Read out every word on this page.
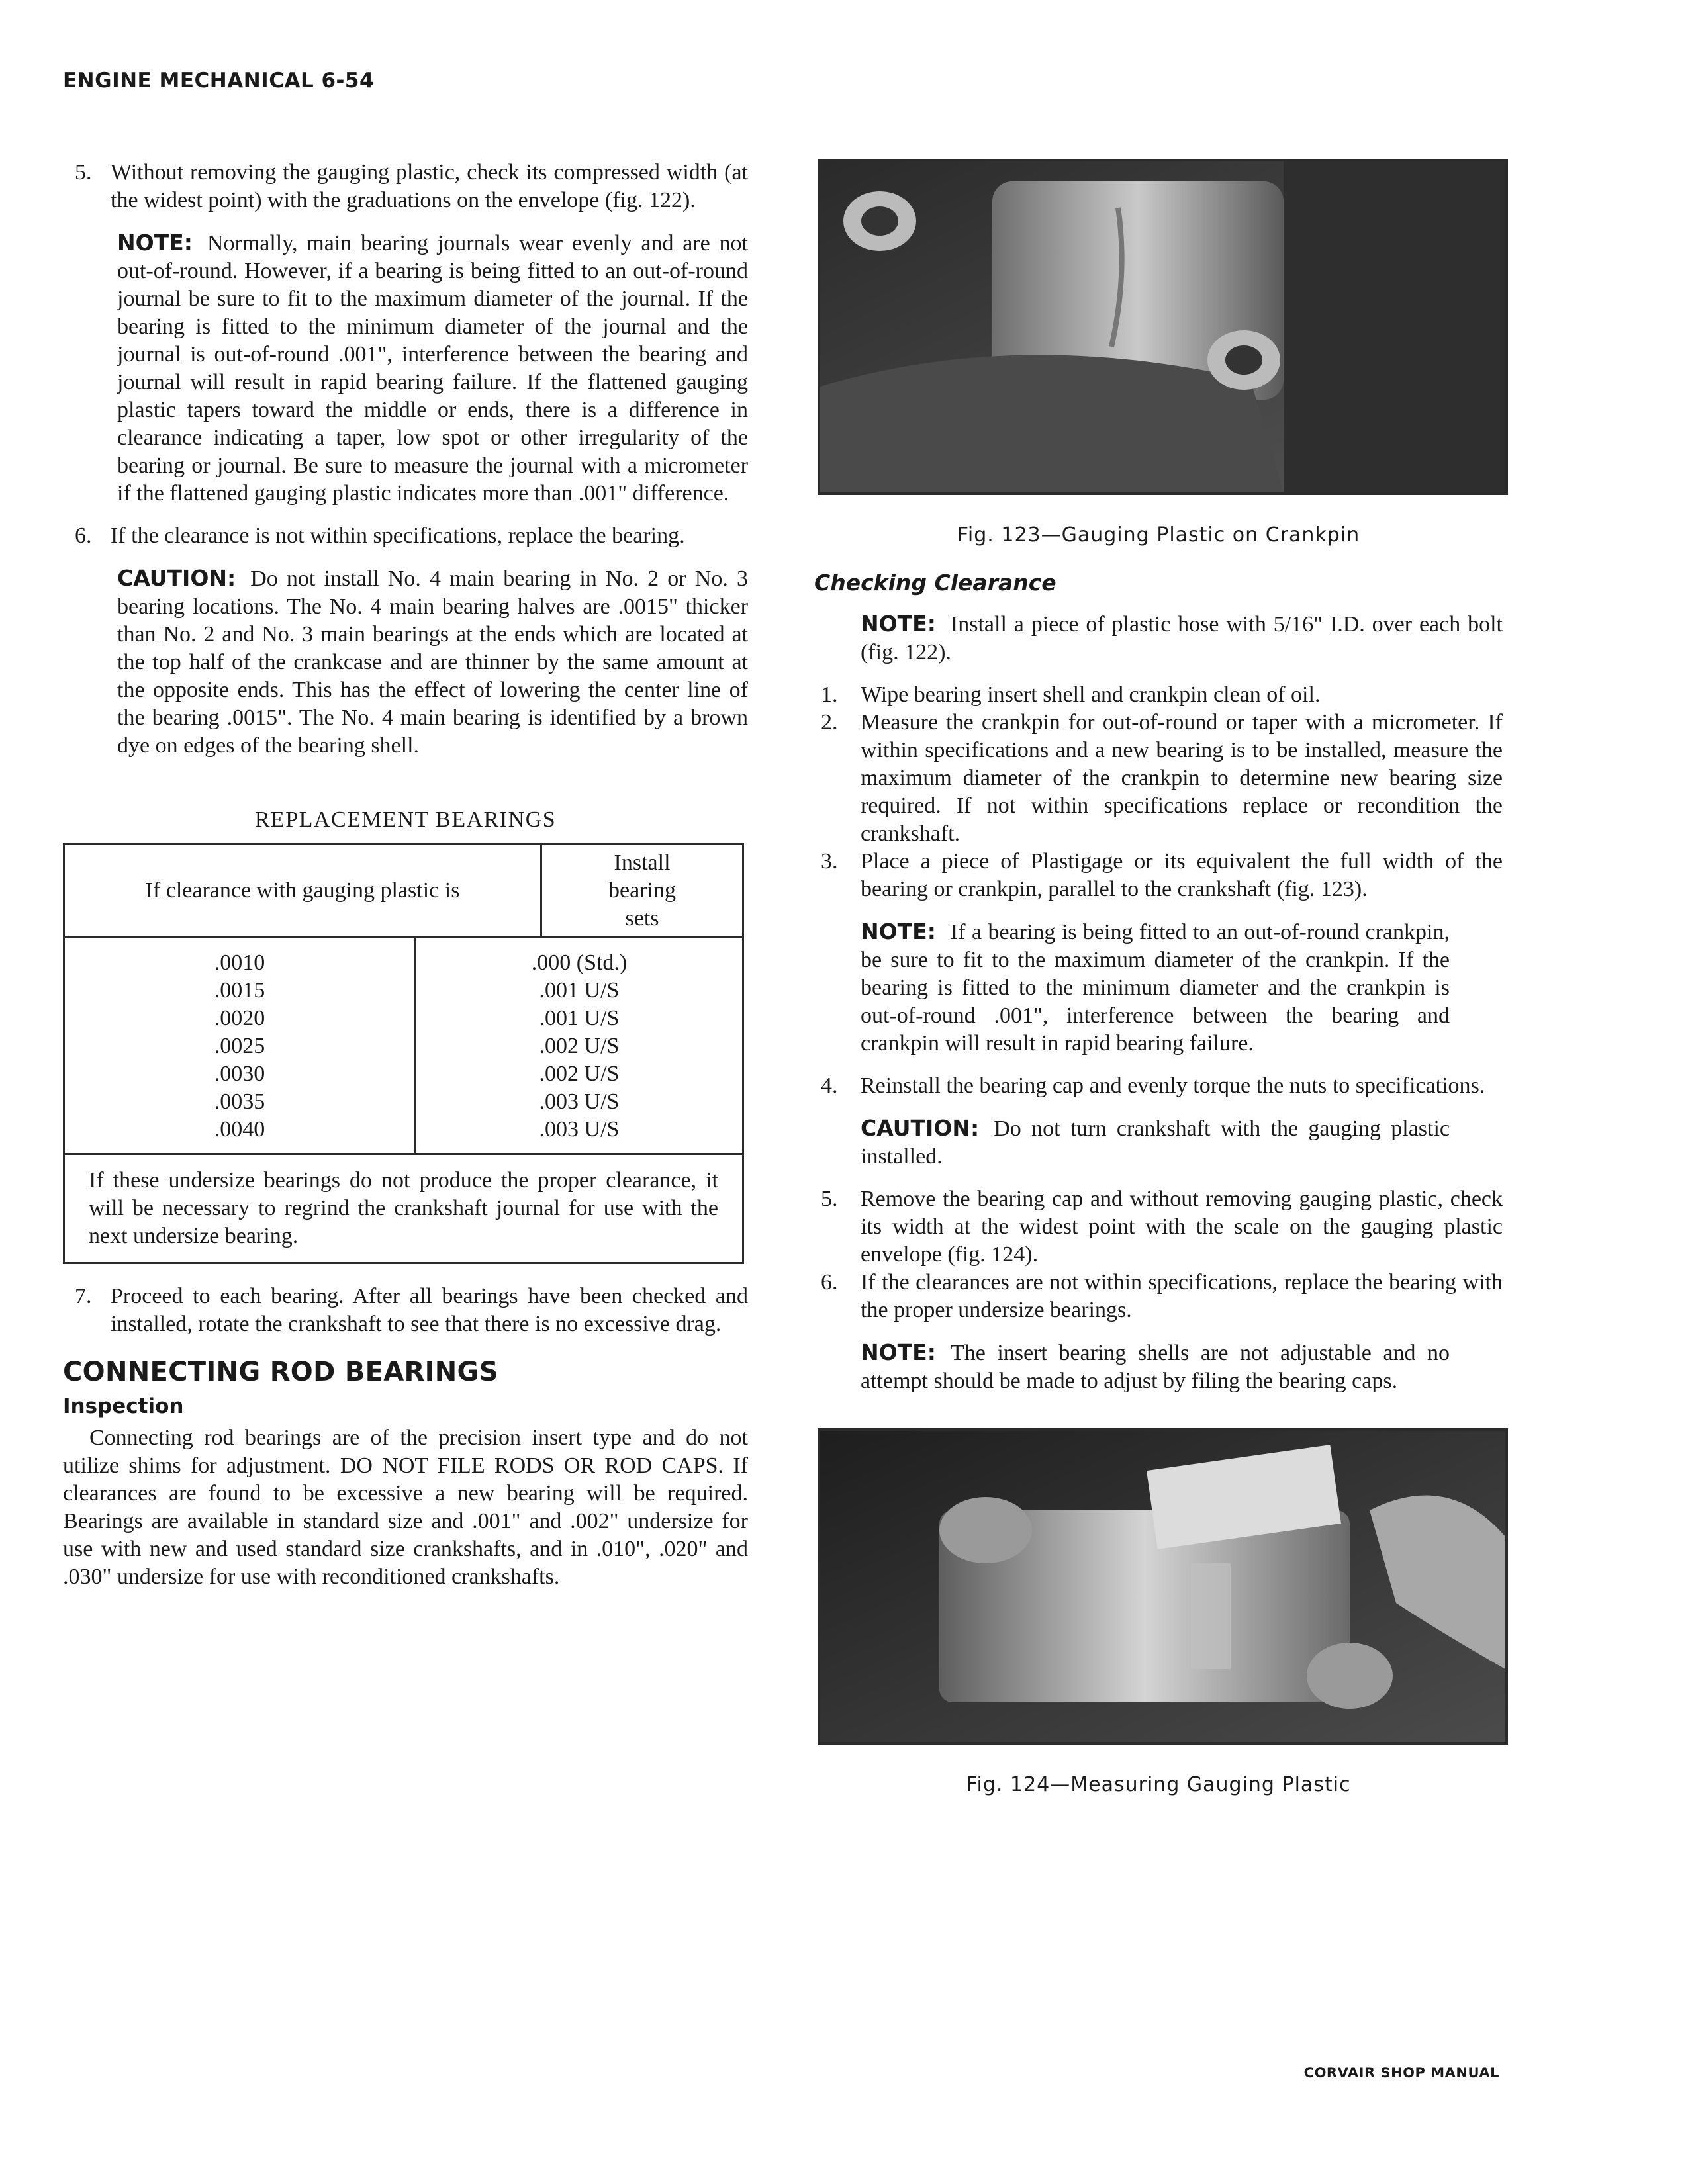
ENGINE MECHANICAL 6-54
5. Without removing the gauging plastic, check its compressed width (at the widest point) with the graduations on the envelope (fig. 122).
NOTE: Normally, main bearing journals wear evenly and are not out-of-round. However, if a bearing is being fitted to an out-of-round journal be sure to fit to the maximum diameter of the journal. If the bearing is fitted to the minimum diameter of the journal and the journal is out-of-round .001", interference between the bearing and journal will result in rapid bearing failure. If the flattened gauging plastic tapers toward the middle or ends, there is a difference in clearance indicating a taper, low spot or other irregularity of the bearing or journal. Be sure to measure the journal with a micrometer if the flattened gauging plastic indicates more than .001" difference.
6. If the clearance is not within specifications, replace the bearing.
CAUTION: Do not install No. 4 main bearing in No. 2 or No. 3 bearing locations. The No. 4 main bearing halves are .0015" thicker than No. 2 and No. 3 main bearings at the ends which are located at the top half of the crankcase and are thinner by the same amount at the opposite ends. This has the effect of lowering the center line of the bearing .0015". The No. 4 main bearing is identified by a brown dye on edges of the bearing shell.
REPLACEMENT BEARINGS
If clearance with gauging plastic is
Install bearing sets
.0010
.0015
.0020
.0025
.0030
.0035
.0040
.000 (Std.)
.001 U/S
.001 U/S
.002 U/S
.002 U/S
.003 U/S
.003 U/S
If these undersize bearings do not produce the proper clearance, it will be necessary to regrind the crankshaft journal for use with the next undersize bearing.
7. Proceed to each bearing. After all bearings have been checked and installed, rotate the crankshaft to see that there is no excessive drag.
CONNECTING ROD BEARINGS
Inspection

Connecting rod bearings are of the precision insert type and do not utilize shims for adjustment. DO NOT FILE RODS OR ROD CAPS. If clearances are found to be excessive a new bearing will be required. Bearings are available in standard size and .001" and .002" undersize for use with new and used standard size crankshafts, and in .010", .020" and .030" undersize for use with reconditioned crankshafts.

Fig. 123—Gauging Plastic on Crankpin
Checking Clearance
NOTE: Install a piece of plastic hose with 5/16" I.D. over each bolt (fig. 122).
1. Wipe bearing insert shell and crankpin clean of oil.
2. Measure the crankpin for out-of-round or taper with a micrometer. If within specifications and a new bearing is to be installed, measure the maximum diameter of the crankpin to determine new bearing size required. If not within specifications replace or recondition the crankshaft.
3. Place a piece of Plastigage or its equivalent the full width of the bearing or crankpin, parallel to the crankshaft (fig. 123).
NOTE: If a bearing is being fitted to an out-of-round crankpin, be sure to fit to the maximum diameter of the crankpin. If the bearing is fitted to the minimum diameter and the crankpin is out-of-round .001", interference between the bearing and crankpin will result in rapid bearing failure.
4. Reinstall the bearing cap and evenly torque the nuts to specifications.
CAUTION: Do not turn crankshaft with the gauging plastic installed.
5. Remove the bearing cap and without removing gauging plastic, check its width at the widest point with the scale on the gauging plastic envelope (fig. 124).
6. If the clearances are not within specifications, replace the bearing with the proper undersize bearings.
NOTE: The insert bearing shells are not adjustable and no attempt should be made to adjust by filing the bearing caps.
Fig. 124—Measuring Gauging Plastic
CORVAIR SHOP MANUAL
